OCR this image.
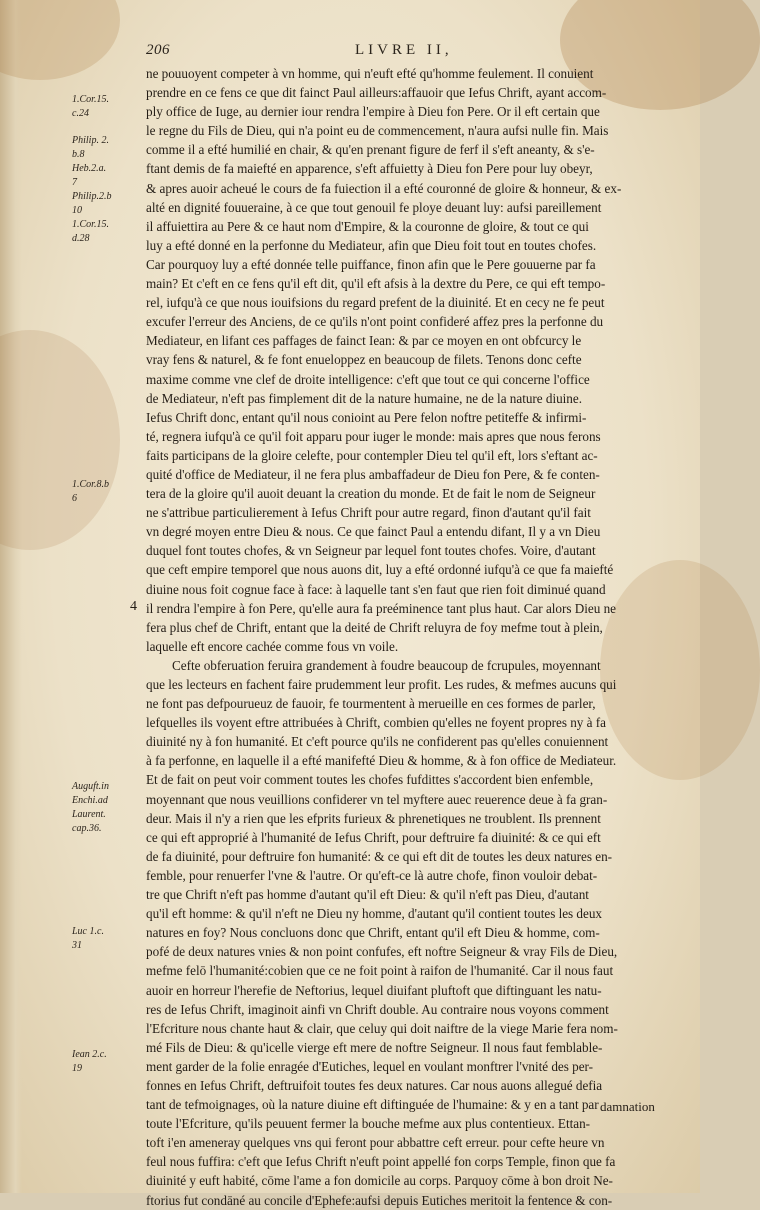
206	LIVRE II,
1.Cor.15.
c.24
Philip. 2.
b.8
Heb.2.a.
7
Philip.2.b
10
1.Cor.15.
d.28
1.Cor.8.b
6
Auguft.in
Enchi.ad
Laurent.
cap.36.
Luc 1.c.
31
Iean 2.c.
19
4
ne pouuoyent competer à vn homme, qui n'euft efté qu'homme feulement. Il conuient
prendre en ce fens ce que dit fainct Paul ailleurs:affauoir que Iefus Chrift, ayant accom-
ply office de Iuge, au dernier iour rendra l'empire à Dieu fon Pere. Or il eft certain que
le regne du Fils de Dieu, qui n'a point eu de commencement, n'aura aufsi nulle fin. Mais
comme il a efté humilié en chair, & qu'en prenant figure de ferf il s'eft aneanty, & s'e-
ftant demis de fa maiefté en apparence, s'eft affuietty à Dieu fon Pere pour luy obeyr,
& apres auoir acheué le cours de fa fuiection il a efté couronné de gloire & honneur, & ex-
alté en dignité fouueraine, à ce que tout genouil fe ploye deuant luy: aufsi pareillement
il affuiettira au Pere & ce haut nom d'Empire, & la couronne de gloire, & tout ce qui
luy a efté donné en la perfonne du Mediateur, afin que Dieu foit tout en toutes chofes.
Car pourquoy luy a efté donnée telle puiffance, finon afin que le Pere gouuerne par fa
main? Et c'eft en ce fens qu'il eft dit, qu'il eft afsis à la dextre du Pere, ce qui eft tempo-
rel, iufqu'à ce que nous iouifsions du regard prefent de la diuinité. Et en cecy ne fe peut
excufer l'erreur des Anciens, de ce qu'ils n'ont point confideré affez pres la perfonne du
Mediateur, en lifant ces paffages de fainct Iean: & par ce moyen en ont obfcurcy le
vray fens & naturel, & fe font enueloppez en beaucoup de filets. Tenons donc cefte
maxime comme vne clef de droite intelligence: c'eft que tout ce qui concerne l'office
de Mediateur, n'eft pas fimplement dit de la nature humaine, ne de la nature diuine.
Iefus Chrift donc, entant qu'il nous conioint au Pere felon noftre petiteffe & infirmi-
té, regnera iufqu'à ce qu'il foit apparu pour iuger le monde: mais apres que nous ferons
faits participans de la gloire celefte, pour contempler Dieu tel qu'il eft, lors s'eftant ac-
quité d'office de Mediateur, il ne fera plus ambaffadeur de Dieu fon Pere, & fe conten-
tera de la gloire qu'il auoit deuant la creation du monde. Et de fait le nom de Seigneur
ne s'attribue particulierement à Iefus Chrift pour autre regard, finon d'autant qu'il fait
vn degré moyen entre Dieu & nous. Ce que fainct Paul a entendu difant, Il y a vn Dieu
duquel font toutes chofes, & vn Seigneur par lequel font toutes chofes. Voire, d'autant
que ceft empire temporel que nous auons dit, luy a efté ordonné iufqu'à ce que fa maiefté
diuine nous foit cognue face à face: à laquelle tant s'en faut que rien foit diminué quand
il rendra l'empire à fon Pere, qu'elle aura fa preéminence tant plus haut. Car alors Dieu ne
fera plus chef de Chrift, entant que la deité de Chrift reluyra de foy mefme tout à plein,
laquelle eft encore cachée comme fous vn voile.
Cefte obferuation feruira grandement à foudre beaucoup de fcrupules, moyennant
que les lecteurs en fachent faire prudemment leur profit. Les rudes, & mefmes aucuns qui
ne font pas defpourueuz de fauoir, fe tourmentent à merueille en ces formes de parler,
lefquelles ils voyent eftre attribuées à Chrift, combien qu'elles ne foyent propres ny à fa
diuinité ny à fon humanité. Et c'eft pource qu'ils ne confiderent pas qu'elles conuiennent
à fa perfonne, en laquelle il a efté manifefté Dieu & homme, & à fon office de Mediateur.
Et de fait on peut voir comment toutes les chofes fufdittes s'accordent bien enfemble,
moyennant que nous veuillions confiderer vn tel myftere auec reuerence deue à fa gran-
deur. Mais il n'y a rien que les efprits furieux & phrenetiques ne troublent. Ils prennent
ce qui eft approprié à l'humanité de Iefus Chrift, pour deftruire fa diuinité: & ce qui eft
de fa diuinité, pour deftruire fon humanité: & ce qui eft dit de toutes les deux natures en-
femble, pour renuerfer l'vne & l'autre. Or qu'eft-ce là autre chofe, finon vouloir debat-
tre que Chrift n'eft pas homme d'autant qu'il eft Dieu: & qu'il n'eft pas Dieu, d'autant
qu'il eft homme: & qu'il n'eft ne Dieu ny homme, d'autant qu'il contient toutes les deux
natures en foy? Nous concluons donc que Chrift, entant qu'il eft Dieu & homme, com-
pofé de deux natures vnies & non point confufes, eft noftre Seigneur & vray Fils de Dieu,
mefme felō l'humanité:cobien que ce ne foit point à raifon de l'humanité. Car il nous faut
auoir en horreur l'herefie de Neftorius, lequel diuifant pluftoft que diftinguant les natu-
res de Iefus Chrift, imaginoit ainfi vn Chrift double. Au contraire nous voyons comment
l'Efcriture nous chante haut & clair, que celuy qui doit naiftre de la viege Marie fera nom-
mé Fils de Dieu: & qu'icelle vierge eft mere de noftre Seigneur. Il nous faut femblable-
ment garder de la folie enragée d'Eutiches, lequel en voulant monftrer l'vnité des per-
fonnes en Iefus Chrift, deftruifoit toutes fes deux natures. Car nous auons allegué defia
tant de tefmoignages, où la nature diuine eft diftinguée de l'humaine: & y en a tant par
toute l'Efcriture, qu'ils peuuent fermer la bouche mefme aux plus contentieux. Ettan-
toft i'en ameneray quelques vns qui feront pour abbattre ceft erreur. pour cefte heure vn
feul nous fuffira: c'eft que Iefus Chrift n'euft point appellé fon corps Temple, finon que fa
diuinité y euft habité, cōme l'ame a fon domicile au corps. Parquoy cōme à bon droit Ne-
ftorius fut condāné au concile d'Ephefe:aufsi depuis Eutiches meritoit la fentence & con-
damnation
